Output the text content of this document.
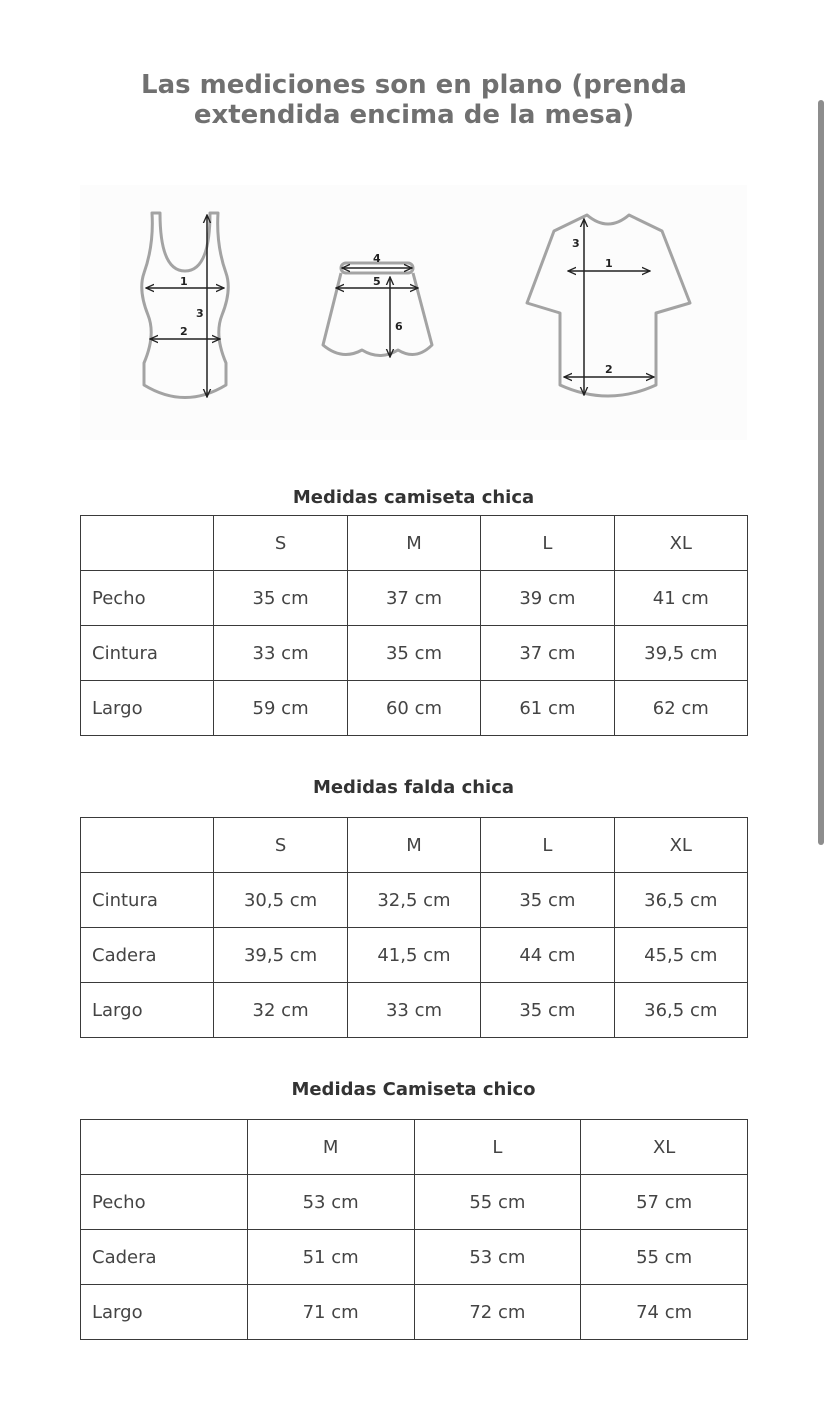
Las mediciones son en plano (prenda
extendida encima de la mesa)
1
2
3
4
5
6
1
2
3
Medidas camiseta chica
	S	M	L	XL
Pecho	35 cm	37 cm	39 cm	41 cm
Cintura	33 cm	35 cm	37 cm	39,5 cm
Largo	59 cm	60 cm	61 cm	62 cm
Medidas falda chica
	S	M	L	XL
Cintura	30,5 cm	32,5 cm	35 cm	36,5 cm
Cadera	39,5 cm	41,5 cm	44 cm	45,5 cm
Largo	32 cm	33 cm	35 cm	36,5 cm
Medidas Camiseta chico
	M	L	XL
Pecho	53 cm	55 cm	57 cm
Cadera	51 cm	53 cm	55 cm
Largo	71 cm	72 cm	74 cm
